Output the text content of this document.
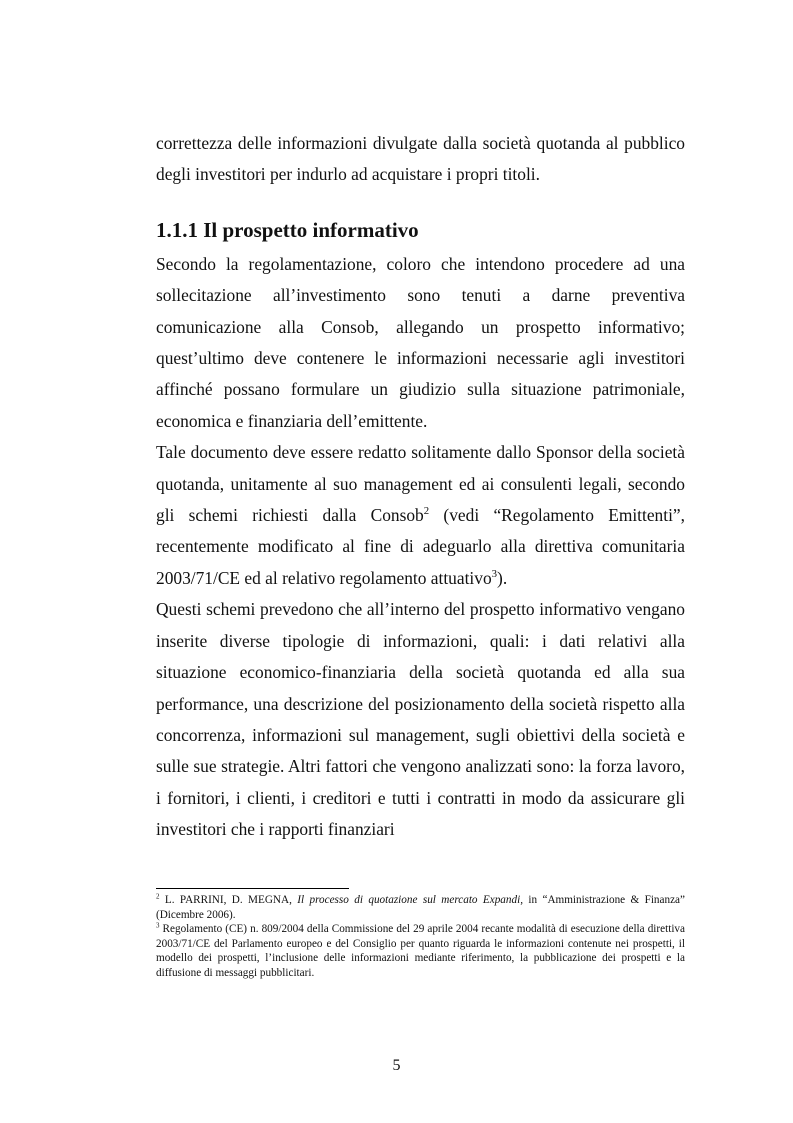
correttezza delle informazioni divulgate dalla società quotanda al pubblico degli investitori per indurlo ad acquistare i propri titoli.

1.1.1 Il prospetto informativo

Secondo la regolamentazione, coloro che intendono procedere ad una sollecitazione all’investimento sono tenuti a darne preventiva comunicazione alla Consob, allegando un prospetto informativo; quest’ultimo deve contenere le informazioni necessarie agli investitori affinché possano formulare un giudizio sulla situazione patrimoniale, economica e finanziaria dell’emittente.

Tale documento deve essere redatto solitamente dallo Sponsor della società quotanda, unitamente al suo management ed ai consulenti legali, secondo gli schemi richiesti dalla Consob$^2$ (vedi “Regolamento Emittenti”, recentemente modificato al fine di adeguarlo alla direttiva comunitaria 2003/71/CE ed al relativo regolamento attuativo$^3$).

Questi schemi prevedono che all’interno del prospetto informativo vengano inserite diverse tipologie di informazioni, quali: i dati relativi alla situazione economico-finanziaria della società quotanda ed alla sua performance, una descrizione del posizionamento della società rispetto alla concorrenza, informazioni sul management, sugli obiettivi della società e sulle sue strategie. Altri fattori che vengono analizzati sono: la forza lavoro, i fornitori, i clienti, i creditori e tutti i contratti in modo da assicurare gli investitori che i rapporti finanziari

$^2$ L. PARRINI, D. MEGNA, Il processo di quotazione sul mercato Expandi, in “Amministrazione & Finanza” (Dicembre 2006).

$^3$ Regolamento (CE) n. 809/2004 della Commissione del 29 aprile 2004 recante modalità di esecuzione della direttiva 2003/71/CE del Parlamento europeo e del Consiglio per quanto riguarda le informazioni contenute nei prospetti, il modello dei prospetti, l’inclusione delle informazioni mediante riferimento, la pubblicazione dei prospetti e la diffusione di messaggi pubblicitari.

5
